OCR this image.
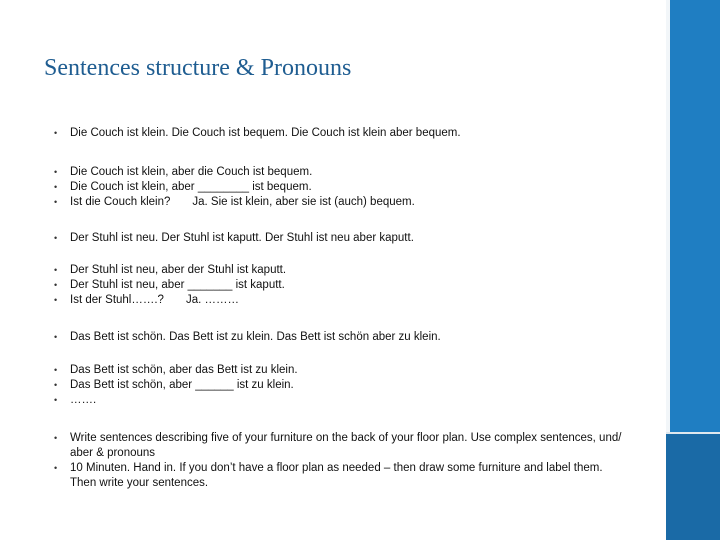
Sentences structure & Pronouns
• Die Couch ist klein. Die Couch ist bequem. Die Couch ist klein aber bequem.
• Die Couch ist klein, aber die Couch ist bequem.
• Die Couch ist klein, aber ________ ist bequem.
• Ist die Couch klein? Ja. Sie ist klein, aber sie ist (auch) bequem.
• Der Stuhl ist neu. Der Stuhl ist kaputt. Der Stuhl ist neu aber kaputt.
• Der Stuhl ist neu, aber der Stuhl ist kaputt.
• Der Stuhl ist neu, aber _______ ist kaputt.
• Ist der Stuhl…….? Ja. ………
• Das Bett ist schön. Das Bett ist zu klein. Das Bett ist schön aber zu klein.
• Das Bett ist schön, aber das Bett ist zu klein.
• Das Bett ist schön, aber ______ ist zu klein.
• …….
• Write sentences describing five of your furniture on the back of your floor plan. Use complex sentences, und/ aber & pronouns
• 10 Minuten. Hand in. If you don’t have a floor plan as needed – then draw some furniture and label them. Then write your sentences.
